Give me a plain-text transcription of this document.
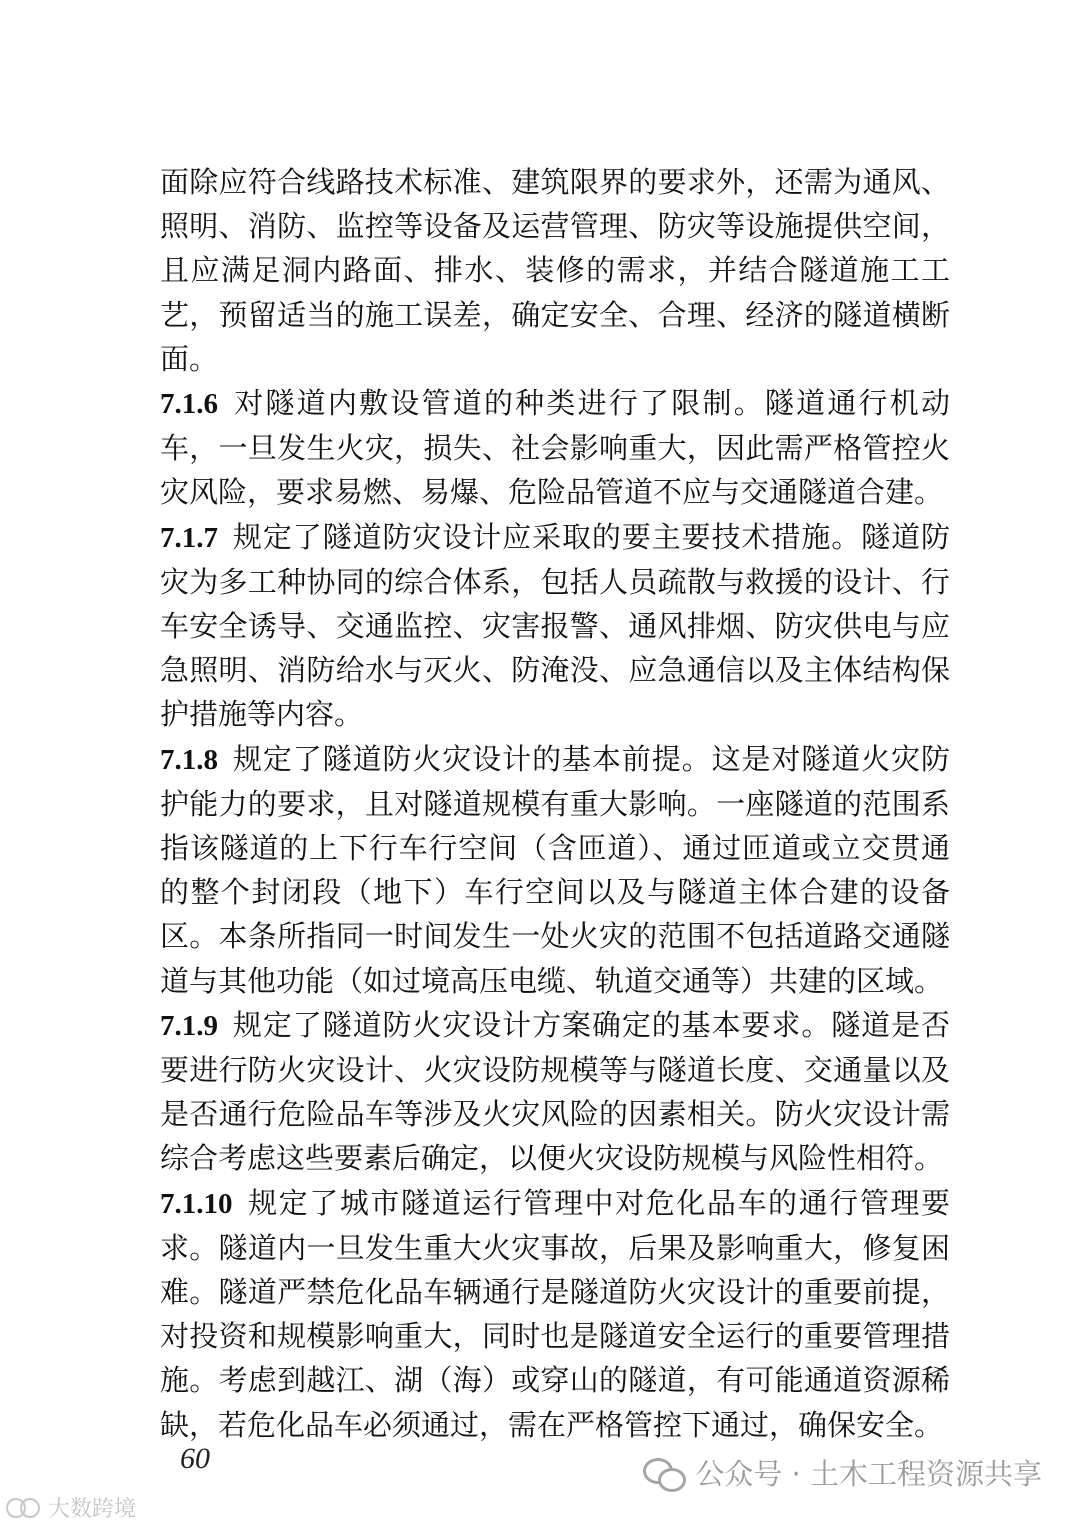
面除应符合线路技术标准、建筑限界的要求外，还需为通风、照明、消防、监控等设备及运营管理、防灾等设施提供空间，且应满足洞内路面、排水、装修的需求，并结合隧道施工工艺，预留适当的施工误差，确定安全、合理、经济的隧道横断面。

7.1.6 对隧道内敷设管道的种类进行了限制。隧道通行机动车，一旦发生火灾，损失、社会影响重大，因此需严格管控火灾风险，要求易燃、易爆、危险品管道不应与交通隧道合建。

7.1.7 规定了隧道防灾设计应采取的要主要技术措施。隧道防灾为多工种协同的综合体系，包括人员疏散与救援的设计、行车安全诱导、交通监控、灾害报警、通风排烟、防灾供电与应急照明、消防给水与灭火、防淹没、应急通信以及主体结构保护措施等内容。

7.1.8 规定了隧道防火灾设计的基本前提。这是对隧道火灾防护能力的要求，且对隧道规模有重大影响。一座隧道的范围系指该隧道的上下行车行空间（含匝道）、通过匝道或立交贯通的整个封闭段（地下）车行空间以及与隧道主体合建的设备区。本条所指同一时间发生一处火灾的范围不包括道路交通隧道与其他功能（如过境高压电缆、轨道交通等）共建的区域。

7.1.9 规定了隧道防火灾设计方案确定的基本要求。隧道是否要进行防火灾设计、火灾设防规模等与隧道长度、交通量以及是否通行危险品车等涉及火灾风险的因素相关。防火灾设计需综合考虑这些要素后确定，以便火灾设防规模与风险性相符。

7.1.10 规定了城市隧道运行管理中对危化品车的通行管理要求。隧道内一旦发生重大火灾事故，后果及影响重大，修复困难。隧道严禁危化品车辆通行是隧道防火灾设计的重要前提，对投资和规模影响重大，同时也是隧道安全运行的重要管理措施。考虑到越江、湖（海）或穿山的隧道，有可能通道资源稀缺，若危化品车必须通过，需在严格管控下通过，确保安全。

60	公众号 · 土木工程资源共享
大数跨境
